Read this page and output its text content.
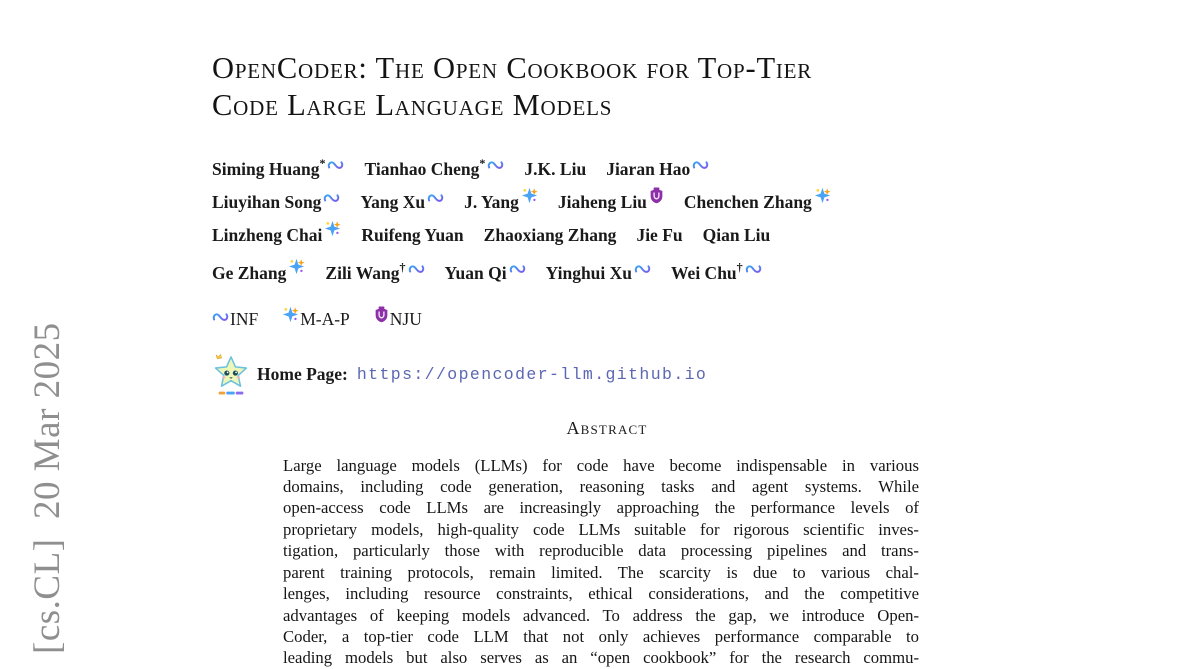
[cs.CL]  20 Mar 2025
OpenCoder: The Open Cookbook for Top-Tier
Code Large Language Models
Siming Huang* Tianhao Cheng* J.K. Liu Jiaran Hao
Liuyihan Song Yang Xu J. Yang Jiaheng Liu Chenchen Zhang
Linzheng Chai Ruifeng Yuan Zhaoxiang Zhang Jie Fu Qian Liu
Ge Zhang Zili Wang† Yuan Qi Yinghui Xu Wei Chu†
INF M-A-P NJU
Home Page: https://opencoder-llm.github.io
Abstract
Large language models (LLMs) for code have become indispensable in various
domains, including code generation, reasoning tasks and agent systems. While
open-access code LLMs are increasingly approaching the performance levels of
proprietary models, high-quality code LLMs suitable for rigorous scientific inves-
tigation, particularly those with reproducible data processing pipelines and trans-
parent training protocols, remain limited. The scarcity is due to various chal-
lenges, including resource constraints, ethical considerations, and the competitive
advantages of keeping models advanced. To address the gap, we introduce Open-
Coder, a top-tier code LLM that not only achieves performance comparable to
leading models but also serves as an “open cookbook” for the research commu-
